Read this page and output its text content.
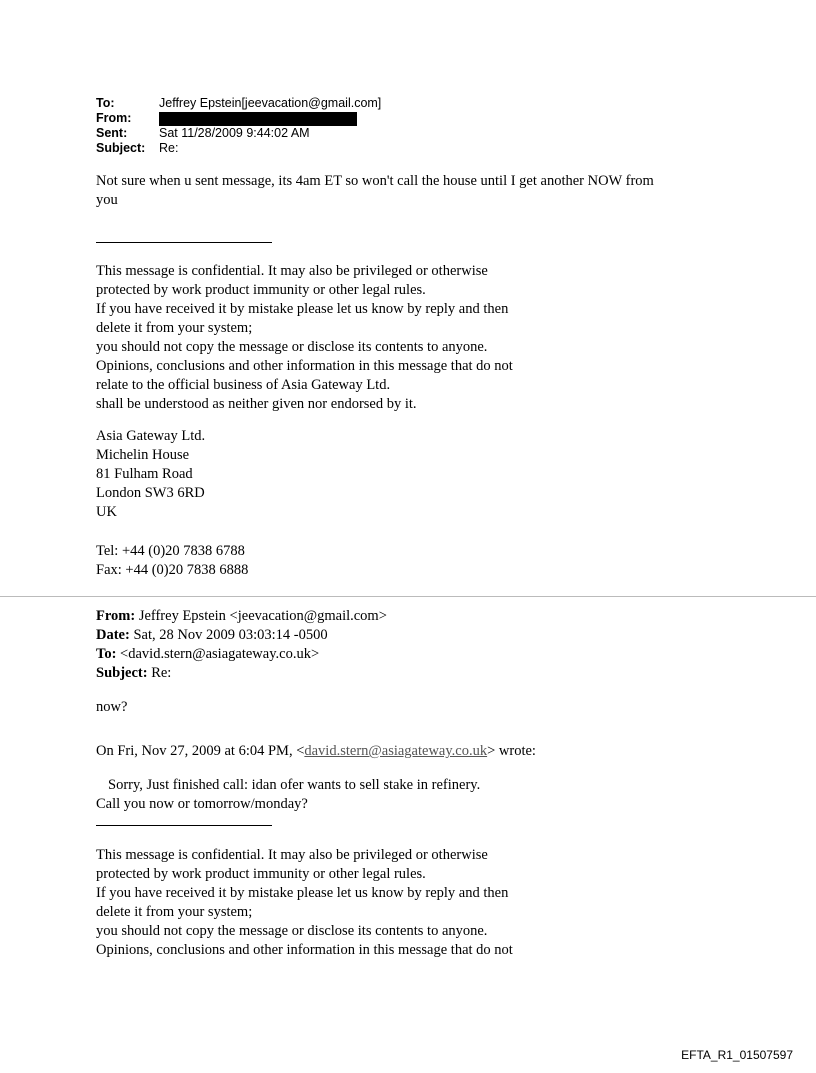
To:	Jeffrey Epstein[jeevacation@gmail.com]
From:
Sent:	Sat 11/28/2009 9:44:02 AM
Subject:	Re:

Not sure when u sent message, its 4am ET so won't call the house until I get another NOW from

you

This message is confidential. It may also be privileged or otherwise

protected by work product immunity or other legal rules.

If you have received it by mistake please let us know by reply and then

delete it from your system;

you should not copy the message or disclose its contents to anyone.

Opinions, conclusions and other information in this message that do not

relate to the official business of Asia Gateway Ltd.

shall be understood as neither given nor endorsed by it.

Asia Gateway Ltd.

Michelin House

81 Fulham Road

London SW3 6RD

UK

Tel: +44 (0)20 7838 6788

Fax: +44 (0)20 7838 6888

From: Jeffrey Epstein <jeevacation@gmail.com>

Date: Sat, 28 Nov 2009 03:03:14 -0500

To: <david.stern@asiagateway.co.uk>

Subject: Re:

now?
On Fri, Nov 27, 2009 at 6:04 PM, <david.stern@asiagateway.co.uk> wrote:

Sorry, Just finished call: idan ofer wants to sell stake in refinery.

Call you now or tomorrow/monday?

This message is confidential. It may also be privileged or otherwise

protected by work product immunity or other legal rules.

If you have received it by mistake please let us know by reply and then

delete it from your system;

you should not copy the message or disclose its contents to anyone.

Opinions, conclusions and other information in this message that do not

EFTA_R1_01507597
